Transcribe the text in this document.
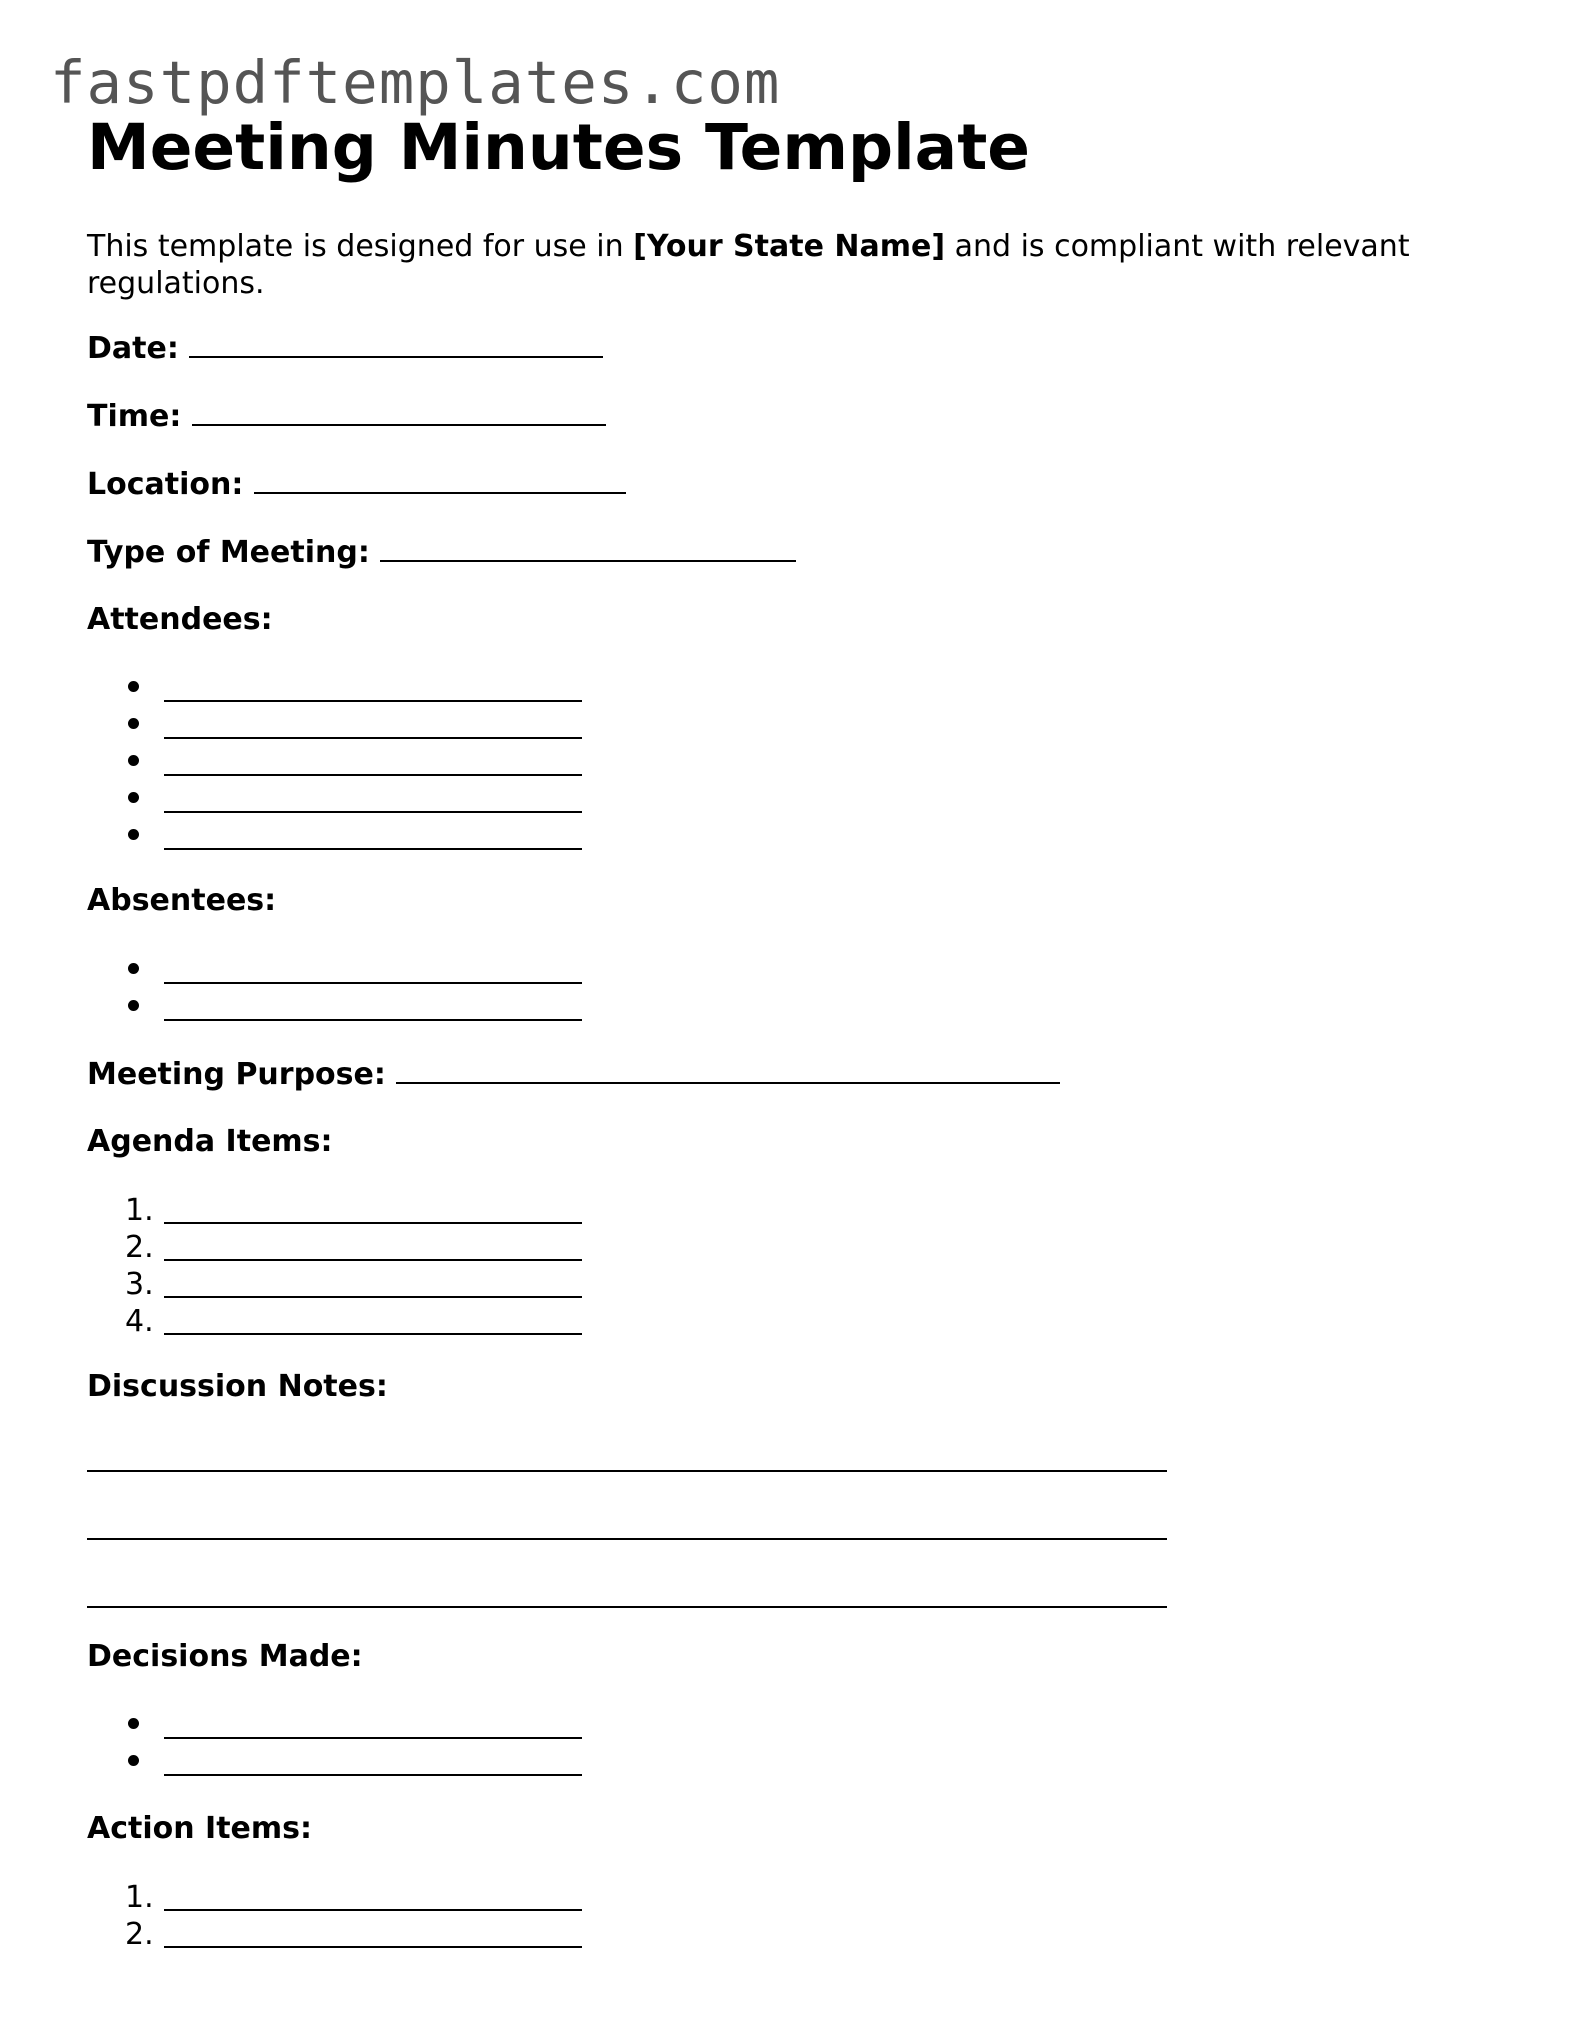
fastpdftemplates.com
Meeting Minutes Template

This template is designed for use in [Your State Name] and is compliant with relevant regulations.

Date:
Time:
Location:
Type of Meeting:
Attendees:
Absentees:
Meeting Purpose:
Agenda Items:
1.
2.
3.
4.
Discussion Notes:
Decisions Made:
Action Items:
1.
2.
